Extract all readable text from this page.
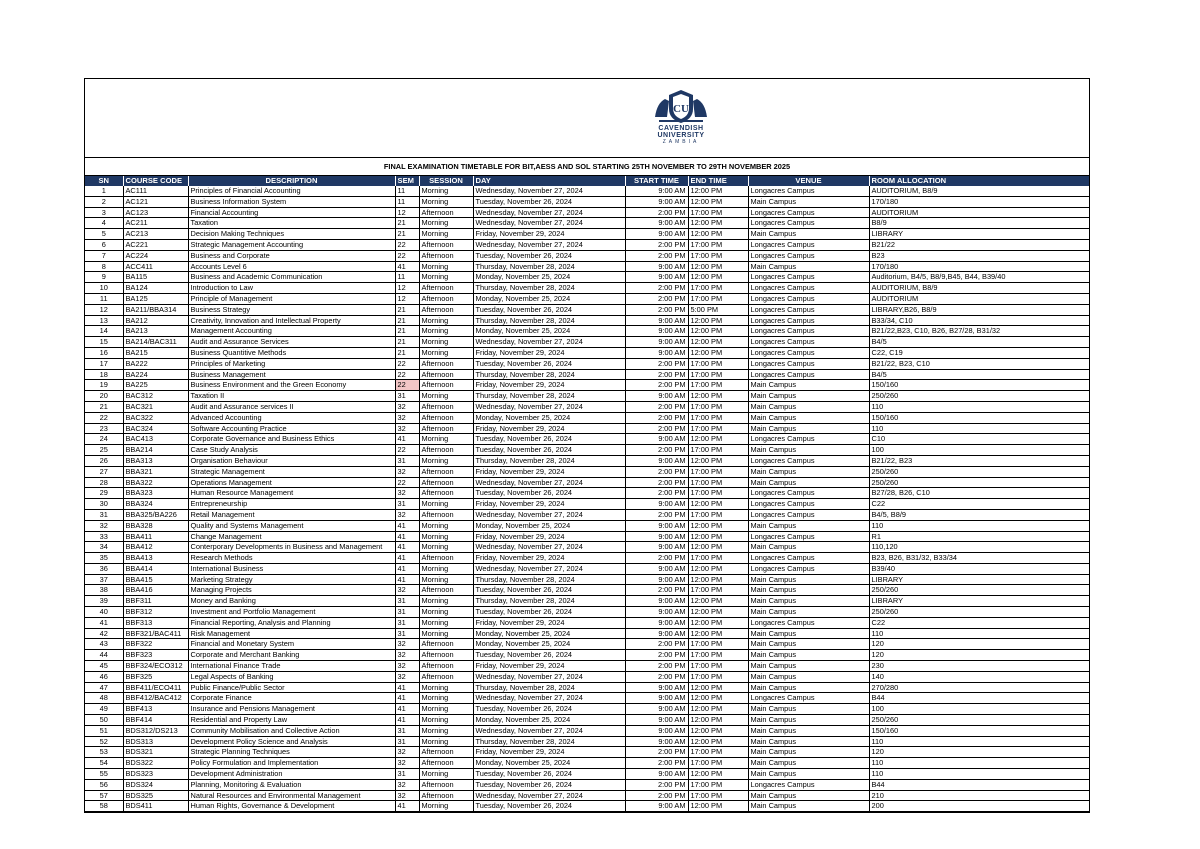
CU
CAVENDISH
UNIVERSITY
ZAMBIA
FINAL EXAMINATION TIMETABLE FOR BIT,AESS AND SOL STARTING 25TH NOVEMBER TO 29TH NOVEMBER 2025
SN	COURSE CODE	DESCRIPTION	SEM	SESSION	DAY	START TIME	END TIME	VENUE	ROOM ALLOCATION
1	AC111	Principles of Financial Accounting	11	Morning	Wednesday, November 27, 2024	9:00 AM	12:00 PM	Longacres Campus	AUDITORIUM, B8/9
2	AC121	Business Information System	11	Morning	Tuesday, November 26, 2024	9:00 AM	12:00 PM	Main Campus	170/180
3	AC123	Financial Accounting	12	Afternoon	Wednesday, November 27, 2024	2:00 PM	17:00 PM	Longacres Campus	AUDITORIUM
4	AC211	Taxation	21	Morning	Wednesday, November 27, 2024	9:00 AM	12:00 PM	Longacres Campus	B8/9
5	AC213	Decision Making Techniques	21	Morning	Friday, November 29, 2024	9:00 AM	12:00 PM	Main Campus	LIBRARY
6	AC221	Strategic Management Accounting	22	Afternoon	Wednesday, November 27, 2024	2:00 PM	17:00 PM	Longacres Campus	B21/22
7	AC224	Business and Corporate	22	Afternoon	Tuesday, November 26, 2024	2:00 PM	17:00 PM	Longacres Campus	B23
8	ACC411	Accounts Level 6	41	Morning	Thursday, November 28, 2024	9:00 AM	12:00 PM	Main Campus	170/180
9	BA115	Business and Academic Communication	11	Morning	Monday, November 25, 2024	9:00 AM	12:00 PM	Longacres Campus	Auditorium, B4/5, B8/9,B45, B44, B39/40
10	BA124	Introduction to Law	12	Afternoon	Thursday, November 28, 2024	2:00 PM	17:00 PM	Longacres Campus	AUDITORIUM, B8/9
11	BA125	Principle of Management	12	Afternoon	Monday, November 25, 2024	2:00 PM	17:00 PM	Longacres Campus	AUDITORIUM
12	BA211/BBA314	Business Strategy	21	Afternoon	Tuesday, November 26, 2024	2:00 PM	5:00 PM	Longacres Campus	LIBRARY,B26, B8/9
13	BA212	Creativity, Innovation and Intellectual Property	21	Morning	Thursday, November 28, 2024	9:00 AM	12:00 PM	Longacres Campus	B33/34, C10
14	BA213	Management Accounting	21	Morning	Monday, November 25, 2024	9:00 AM	12:00 PM	Longacres Campus	B21/22,B23, C10, B26, B27/28, B31/32
15	BA214/BAC311	Audit and Assurance Services	21	Morning	Wednesday, November 27, 2024	9:00 AM	12:00 PM	Longacres Campus	B4/5
16	BA215	Business Quantitive Methods	21	Morning	Friday, November 29, 2024	9:00 AM	12:00 PM	Longacres Campus	C22, C19
17	BA222	Principles of Marketing	22	Afternoon	Tuesday, November 26, 2024	2:00 PM	17:00 PM	Longacres Campus	B21/22, B23, C10
18	BA224	Business Management	22	Afternoon	Thursday, November 28, 2024	2:00 PM	17:00 PM	Longacres Campus	B4/5
19	BA225	Business Environment and the Green Economy	22	Afternoon	Friday, November 29, 2024	2:00 PM	17:00 PM	Main Campus	150/160
20	BAC312	Taxation II	31	Morning	Thursday, November 28, 2024	9:00 AM	12:00 PM	Main Campus	250/260
21	BAC321	Audit and Assurance services II	32	Afternoon	Wednesday, November 27, 2024	2:00 PM	17:00 PM	Main Campus	110
22	BAC322	Advanced Accounting	32	Afternoon	Monday, November 25, 2024	2:00 PM	17:00 PM	Main Campus	150/160
23	BAC324	Software Accounting Practice	32	Afternoon	Friday, November 29, 2024	2:00 PM	17:00 PM	Main Campus	110
24	BAC413	Corporate Governance and Business Ethics	41	Morning	Tuesday, November 26, 2024	9:00 AM	12:00 PM	Longacres Campus	C10
25	BBA214	Case Study Analysis	22	Afternoon	Tuesday, November 26, 2024	2:00 PM	17:00 PM	Main Campus	100
26	BBA313	Organisation Behaviour	31	Morning	Thursday, November 28, 2024	9:00 AM	12:00 PM	Longacres Campus	B21/22, B23
27	BBA321	Strategic Management	32	Afternoon	Friday, November 29, 2024	2:00 PM	17:00 PM	Main Campus	250/260
28	BBA322	Operations Management	22	Afternoon	Wednesday, November 27, 2024	2:00 PM	17:00 PM	Main Campus	250/260
29	BBA323	Human Resource Management	32	Afternoon	Tuesday, November 26, 2024	2:00 PM	17:00 PM	Longacres Campus	B27/28, B26, C10
30	BBA324	Entrepreneurship	31	Morning	Friday, November 29, 2024	9:00 AM	12:00 PM	Longacres Campus	C22
31	BBA325/BA226	Retail Management	32	Afternoon	Wednesday, November 27, 2024	2:00 PM	17:00 PM	Longacres Campus	B4/5, B8/9
32	BBA328	Quality and Systems Management	41	Morning	Monday, November 25, 2024	9:00 AM	12:00 PM	Main Campus	110
33	BBA411	Change Management	41	Morning	Friday, November 29, 2024	9:00 AM	12:00 PM	Longacres Campus	R1
34	BBA412	Conterporary Developments in Business and Management	41	Morning	Wednesday, November 27, 2024	9:00 AM	12:00 PM	Main Campus	110,120
35	BBA413	Research Methods	41	Afternoon	Friday, November 29, 2024	2:00 PM	17:00 PM	Longacres Campus	B23, B26, B31/32, B33/34
36	BBA414	International Business	41	Morning	Wednesday, November 27, 2024	9:00 AM	12:00 PM	Longacres Campus	B39/40
37	BBA415	Marketing Strategy	41	Morning	Thursday, November 28, 2024	9:00 AM	12:00 PM	Main Campus	LIBRARY
38	BBA416	Managing Projects	32	Afternoon	Tuesday, November 26, 2024	2:00 PM	17:00 PM	Main Campus	250/260
39	BBF311	Money and Banking	31	Morning	Thursday, November 28, 2024	9:00 AM	12:00 PM	Main Campus	LIBRARY
40	BBF312	Investment and Portfolio Management	31	Morning	Tuesday, November 26, 2024	9:00 AM	12:00 PM	Main Campus	250/260
41	BBF313	Financial Reporting, Analysis and Planning	31	Morning	Friday, November 29, 2024	9:00 AM	12:00 PM	Longacres Campus	C22
42	BBF321/BAC411	Risk Management	31	Morning	Monday, November 25, 2024	9:00 AM	12:00 PM	Main Campus	110
43	BBF322	Financial and Monetary System	32	Afternoon	Monday, November 25, 2024	2:00 PM	17:00 PM	Main Campus	120
44	BBF323	Corporate and Merchant Banking	32	Afternoon	Tuesday, November 26, 2024	2:00 PM	17:00 PM	Main Campus	120
45	BBF324/ECO312	International Finance Trade	32	Afternoon	Friday, November 29, 2024	2:00 PM	17:00 PM	Main Campus	230
46	BBF325	Legal Aspects of Banking	32	Afternoon	Wednesday, November 27, 2024	2:00 PM	17:00 PM	Main Campus	140
47	BBF411/ECO411	Public Finance/Public Sector	41	Morning	Thursday, November 28, 2024	9:00 AM	12:00 PM	Main Campus	270/280
48	BBF412/BAC412	Corporate Finance	41	Morning	Wednesday, November 27, 2024	9:00 AM	12:00 PM	Longacres Campus	B44
49	BBF413	Insurance and Pensions Management	41	Morning	Tuesday, November 26, 2024	9:00 AM	12:00 PM	Main Campus	100
50	BBF414	Residential and Property Law	41	Morning	Monday, November 25, 2024	9:00 AM	12:00 PM	Main Campus	250/260
51	BDS312/DS213	Community Mobilisation and Collective Action	31	Morning	Wednesday, November 27, 2024	9:00 AM	12:00 PM	Main Campus	150/160
52	BDS313	Development Policy Science and Analysis	31	Morning	Thursday, November 28, 2024	9:00 AM	12:00 PM	Main Campus	110
53	BDS321	Strategic Planning Techniques	32	Afternoon	Friday, November 29, 2024	2:00 PM	17:00 PM	Main Campus	120
54	BDS322	Policy Formulation and Implementation	32	Afternoon	Monday, November 25, 2024	2:00 PM	17:00 PM	Main Campus	110
55	BDS323	Development Administration	31	Morning	Tuesday, November 26, 2024	9:00 AM	12:00 PM	Main Campus	110
56	BDS324	Planning, Monitoring & Evaluation	32	Afternoon	Tuesday, November 26, 2024	2:00 PM	17:00 PM	Longacres Campus	B44
57	BDS325	Natural Resources and Environmental Management	32	Afternoon	Wednesday, November 27, 2024	2:00 PM	17:00 PM	Main Campus	210
58	BDS411	Human Rights, Governance & Development	41	Morning	Tuesday, November 26, 2024	9:00 AM	12:00 PM	Main Campus	200
